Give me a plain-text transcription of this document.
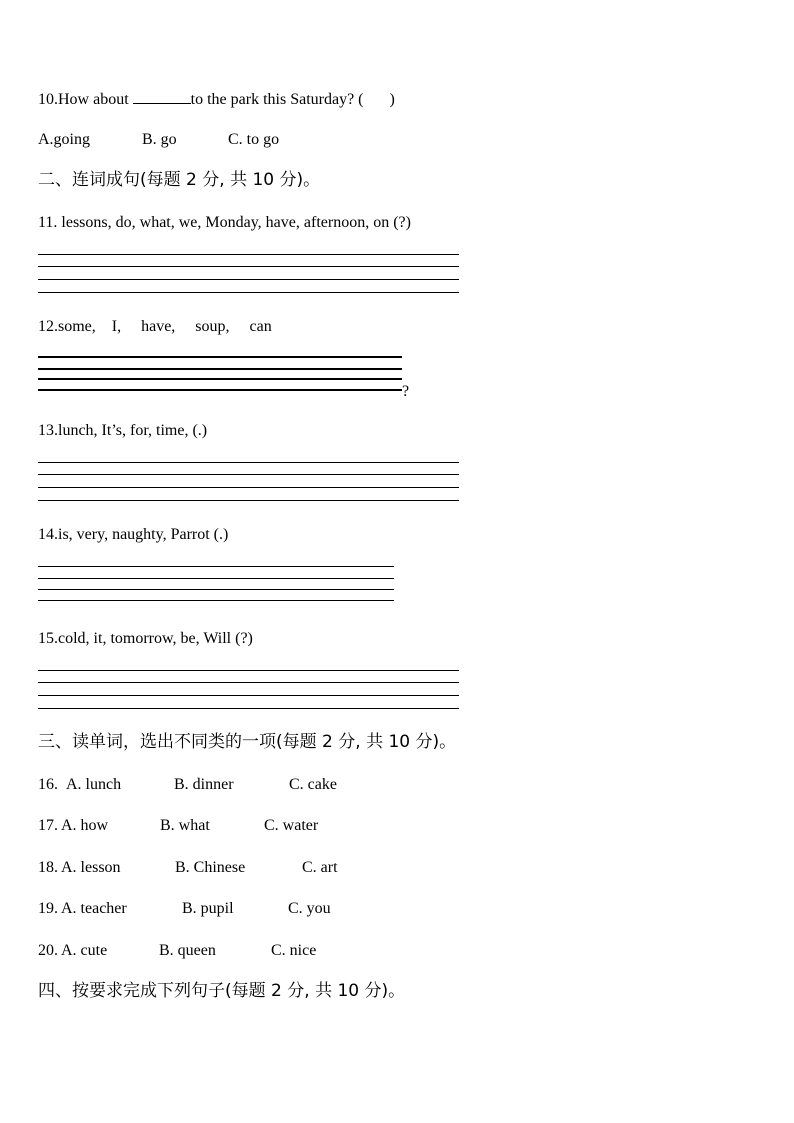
10.How about	to the park this Saturday? ( )
A.going	B. go	C. to go
二、连词成句(每题 2 分, 共 10 分)。
11. lessons, do, what, we, Monday, have, afternoon, on (?)
12.some,    I,     have,     soup,     can
?
13.lunch, It’s, for, time, (.)
14.is, very, naughty, Parrot (.)
15.cold, it, tomorrow, be, Will (?)
三、读单词，选出不同类的一项(每题 2 分, 共 10 分)。
16. A. lunch	B. dinner	C. cake
17. A. how	B. what	C. water
18. A. lesson	B. Chinese	C. art
19. A. teacher	B. pupil	C. you
20. A. cute	B. queen	C. nice
四、按要求完成下列句子(每题 2 分, 共 10 分)。
